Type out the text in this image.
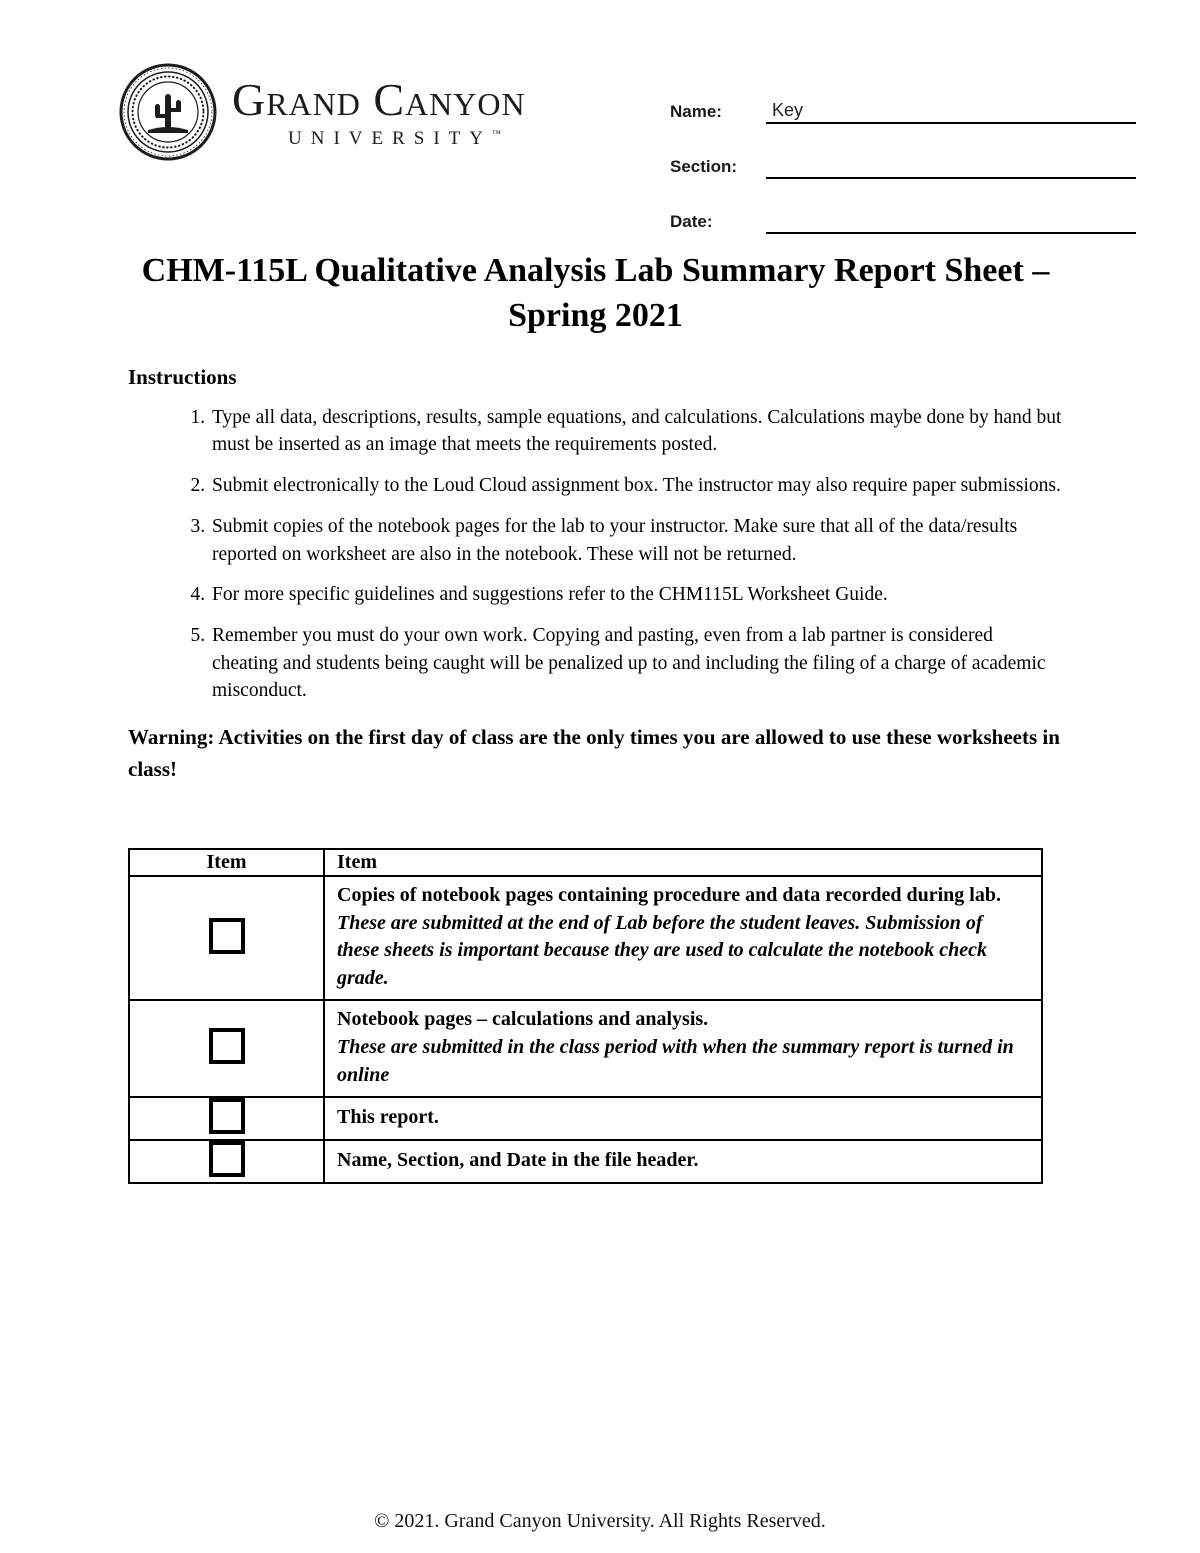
Grand Canyon
UNIVERSITY™
Name:	Key
Section:
Date:
CHM-115L Qualitative Analysis Lab Summary Report Sheet – Spring 2021
Instructions
1. Type all data, descriptions, results, sample equations, and calculations. Calculations maybe done by hand but must be inserted as an image that meets the requirements posted.
2. Submit electronically to the Loud Cloud assignment box. The instructor may also require paper submissions.
3. Submit copies of the notebook pages for the lab to your instructor. Make sure that all of the data/results reported on worksheet are also in the notebook. These will not be returned.
4. For more specific guidelines and suggestions refer to the CHM115L Worksheet Guide.
5. Remember you must do your own work. Copying and pasting, even from a lab partner is considered cheating and students being caught will be penalized up to and including the filing of a charge of academic misconduct.
Warning: Activities on the first day of class are the only times you are allowed to use these worksheets in class!
Item	Item

	Copies of notebook pages containing procedure and data recorded during lab.
These are submitted at the end of Lab before the student leaves. Submission of these sheets is important because they are used to calculate the notebook check grade.

	Notebook pages – calculations and analysis.
These are submitted in the class period with when the summary report is turned in online

	This report.

	Name, Section, and Date in the file header.
© 2021. Grand Canyon University. All Rights Reserved.
